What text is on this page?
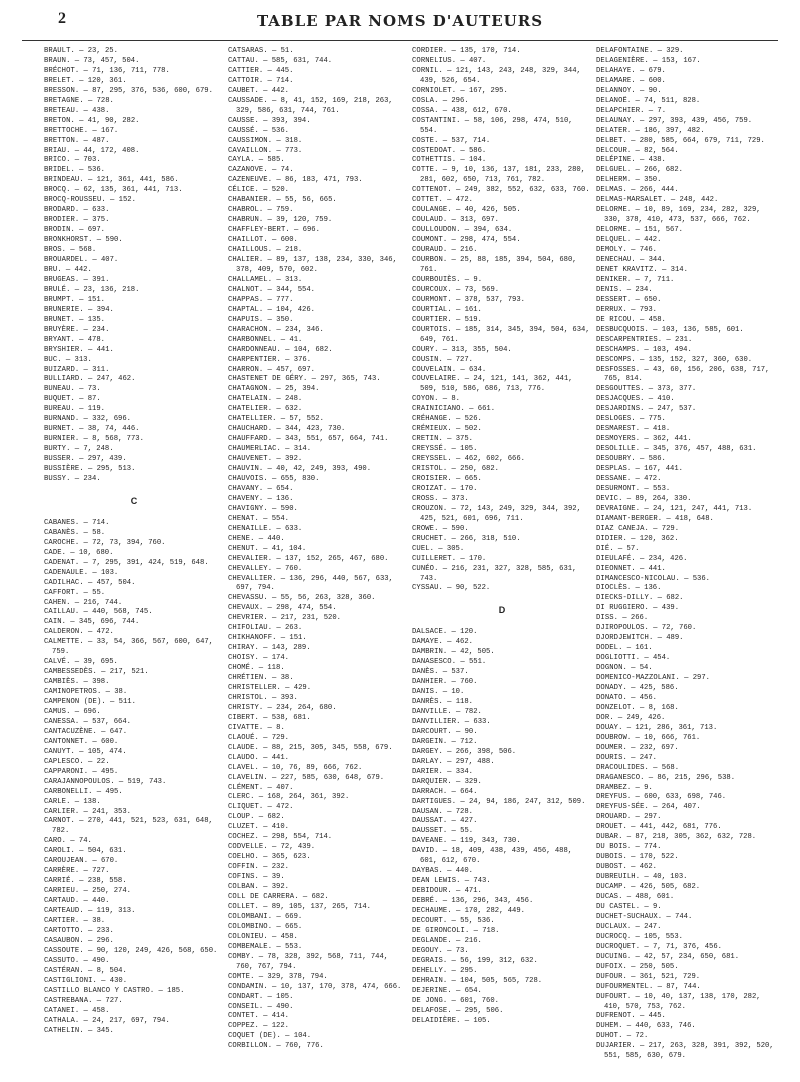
2	TABLE PAR NOMS D'AUTEURS
BRAULT. — 23, 25.
BRAUN. — 73, 457, 504.
BRÉCHOT. — 71, 136, 711, 778.
BRELET. — 120, 361.
BRESSON. — 87, 295, 376, 536, 600, 679.
BRETAGNE. — 728.
BRETEAU. — 438.
BRETON. — 41, 90, 282.
BRETTOCHE. — 167.
BRETTON. — 487.
BRIAU. — 44, 172, 408.
BRICO. — 703.
BRIDEL. — 536.
BRINDEAU. — 121, 361, 441, 586.
BROCQ. — 62, 135, 361, 441, 713.
BROCQ-ROUSSEU. — 152.
BRODARD. — 633.
BRODIER. — 375.
BRODIN. — 697.
BRONKHORST. — 590.
BROS. — 568.
BROUARDEL. — 407.
BRU. — 442.
BRUGEAS. — 391.
BRULÉ. — 23, 136, 218.
BRUMPT. — 151.
BRUNERIE. — 394.
BRUNET. — 135.
BRUYÈRE. — 234.
BRYANT. — 478.
BRYSHIER. — 441.
BUC. — 313.
BUIZARD. — 311.
BULLIARD. — 247, 462.
BUNEAU. — 73.
BUQUET. — 87.
BUREAU. — 119.
BURNAND. — 332, 696.
BURNET. — 38, 74, 446.
BURNIER. — 8, 568, 773.
BURTY. — 7, 248.
BUSSER. — 297, 439.
BUSSIÈRE. — 295, 513.
BUSSY. — 234.
C
CABANES. — 714.
CABANÈS. — 58.
CAROCHE. — 72, 73, 394, 760.
CADE. — 10, 680.
CADENAT. — 7, 295, 391, 424, 519, 648.
CADENAULE. — 103.
CADILHAC. — 457, 504.
CAFFORT. — 55.
CAHEN. — 216, 744.
CAILLAU. — 440, 568, 745.
CAIN. — 345, 696, 744.
CALDERON. — 472.
CALMETTE. — 33, 54, 366, 567, 600, 647, 759.
CALVÉ. — 39, 695.
CAMBESSEDÈS. — 217, 521.
CAMBIÈS. — 398.
CAMINOPETROS. — 38.
CAMPENON (DE). — 511.
CAMUS. — 696.
CANESSA. — 537, 664.
CANTACUZÈNE. — 647.
CANTONNET. — 600.
CANUYT. — 105, 474.
CAPLESCO. — 22.
CAPPARONI. — 495.
CARAJANNOPOULOS. — 519, 743.
CARBONELLI. — 495.
CARLE. — 138.
CARLIER. — 241, 353.
CARNOT. — 270, 441, 521, 523, 631, 648, 782.
CARO. — 74.
CAROLI. — 504, 631.
CAROUJEAN. — 670.
CARRÈRE. — 727.
CARRIÉ. — 238, 558.
CARRIEU. — 250, 274.
CARTAUD. — 440.
CARTEAUD. — 119, 313.
CARTIER. — 38.
CARTOTTO. — 233.
CASAUBON. — 296.
CASSOUTE. — 90, 120, 249, 426, 568, 650.
CASSUTO. — 490.
CASTÉRAN. — 8, 504.
CASTIGLIONI. — 430.
CASTILLO BLANCO Y CASTRO. — 185.
CASTREBANA. — 727.
CATANEI. — 458.
CATHALA. — 24, 217, 697, 794.
CATHELIN. — 345.
CATSARAS. — 51.
CATTAU. — 585, 631, 744.
CATTIER. — 445.
CATTOIR. — 714.
CAUBET. — 442.
CAUSSADE. — 8, 41, 152, 169, 218, 263, 329, 586, 631, 744, 761.
CAUSSE. — 393, 394.
CAUSSÉ. — 536.
CAUSSIMON. — 318.
CAVAILLON. — 773.
CAYLA. — 585.
CAZANOVE. — 74.
CAZENEUVE. — 86, 183, 471, 793.
CÉLICE. — 520.
CHABANIER. — 55, 56, 665.
CHABROL. — 759.
CHABRUN. — 39, 120, 759.
CHAFFLEY-BERT. — 696.
CHAILLOT. — 600.
CHAILLOUS. — 218.
CHALIER. — 89, 137, 138, 234, 330, 346, 378, 409, 570, 602.
CHALLAMEL. — 313.
CHALNOT. — 344, 554.
CHAPPAS. — 777.
CHAPTAL. — 104, 426.
CHAPUIS. — 350.
CHARACHON. — 234, 346.
CHARBONNEL. — 41.
CHARDONNEAU. — 104, 682.
CHARPENTIER. — 376.
CHARRON. — 457, 697.
CHASTENET DE GÉRY. — 297, 365, 743.
CHATAGNON. — 25, 394.
CHATELAIN. — 248.
CHATELIER. — 632.
CHATELLIER. — 57, 552.
CHAUCHARD. — 344, 423, 730.
CHAUFFARD. — 343, 551, 657, 664, 741.
CHAUMERLIAC. — 314.
CHAUVENET. — 392.
CHAUVIN. — 40, 42, 249, 393, 490.
CHAUVOIS. — 655, 830.
CHAVANY. — 654.
CHAVENY. — 136.
CHAVIGNY. — 590.
CHENAT. — 554.
CHENAILLE. — 633.
CHENE. — 440.
CHENUT. — 41, 104.
CHEVALIER. — 137, 152, 265, 467, 680.
CHEVALLEY. — 760.
CHEVALLIER. — 136, 296, 440, 567, 633, 697, 794.
CHEVASSU. — 55, 56, 263, 328, 360.
CHEVAUX. — 298, 474, 554.
CHEVRIER. — 217, 231, 520.
CHIFOLIAU. — 263.
CHIKHANOFF. — 151.
CHIRAY. — 143, 289.
CHOISY. — 174.
CHOMÉ. — 118.
CHRÉTIEN. — 38.
CHRISTELLER. — 429.
CHRISTOL. — 393.
CHRISTY. — 234, 264, 680.
CIBERT. — 538, 681.
CIVATTE. — 8.
CLAOUÉ. — 729.
CLAUDE. — 88, 215, 305, 345, 558, 679.
CLAUDO. — 441.
CLAVEL. — 10, 76, 89, 666, 762.
CLAVELIN. — 227, 585, 630, 648, 679.
CLÉMENT. — 407.
CLERC. — 168, 264, 361, 392.
CLIQUET. — 472.
CLOUP. — 682.
CLUZET. — 410.
COCHEZ. — 298, 554, 714.
CODVELLE. — 72, 439.
COELHO. — 365, 623.
COFFIN. — 232.
COFINS. — 39.
COLBAN. — 392.
COLL DE CARRERA. — 682.
COLLET. — 89, 105, 137, 265, 714.
COLOMBANI. — 669.
COLOMBINO. — 665.
COLONIEU. — 458.
COMBEMALE. — 553.
COMBY. — 78, 328, 392, 568, 711, 744, 760, 767, 794.
COMTE. — 329, 378, 794.
CONDAMIN. — 10, 137, 170, 378, 474, 666.
CONDART. — 105.
CONSEIL. — 490.
CONTET. — 414.
COPPEZ. — 122.
COQUET (DE). — 104.
CORBILLON. — 760, 776.
CORDIER. — 135, 170, 714.
CORNELIUS. — 407.
CORNIL. — 121, 143, 243, 248, 329, 344, 439, 526, 654.
CORNIOLET. — 167, 295.
COSLA. — 296.
COSSA. — 438, 612, 670.
COSTANTINI. — 58, 106, 298, 474, 510, 554.
COSTE. — 537, 714.
COSTEDOAT. — 586.
COTHETTIS. — 104.
COTTE. — 9, 10, 136, 137, 181, 233, 280, 281, 602, 650, 713, 761, 782.
COTTENOT. — 249, 382, 552, 632, 633, 760.
COTTET. — 472.
COULANGE. — 40, 426, 505.
COULAUD. — 313, 697.
COULLOUDON. — 394, 634.
COUMONT. — 298, 474, 554.
COURAUD. — 216.
COURBON. — 25, 88, 185, 394, 504, 680, 761.
COURBOUIÈS. — 9.
COURCOUX. — 73, 569.
COURMONT. — 378, 537, 793.
COURTIAL. — 161.
COURTIER. — 519.
COURTOIS. — 185, 314, 345, 394, 504, 634, 649, 761.
COURY. — 313, 355, 504.
COUSIN. — 727.
COUVELAIN. — 634.
COUVELAIRE. — 24, 121, 141, 362, 441, 509, 510, 586, 686, 713, 776.
COYON. — 8.
CRAINICIANO. — 661.
CRÉHANGE. — 526.
CRÉMIEUX. — 502.
CRETIN. — 375.
CREYSSÉ. — 105.
CREYSSEL. — 462, 602, 666.
CRISTOL. — 250, 682.
CROISIER. — 665.
CROIZAT. — 170.
CROSS. — 373.
CROUZON. — 72, 143, 249, 329, 344, 392, 425, 521, 601, 696, 711.
CROWE. — 590.
CRUCHET. — 266, 318, 510.
CUEL. — 305.
CUILLERET. — 170.
CUNÉO. — 216, 231, 327, 328, 585, 631, 743.
CYSSAU. — 90, 522.
D
DALSACE. — 120.
DAMAYE. — 462.
DAMBRIN. — 42, 505.
DANASESCO. — 551.
DANÈS. — 537.
DANHIER. — 760.
DANIS. — 10.
DANRÈS. — 118.
DANVILLE. — 782.
DANVILLIER. — 633.
DARCOURT. — 90.
DARGEIN. — 712.
DARGEY. — 266, 398, 506.
DARLAY. — 297, 488.
DARIER. — 334.
DARQUIER. — 329.
DARRACH. — 664.
DARTIGUES. — 24, 94, 186, 247, 312, 509.
DAUSAN. — 728.
DAUSSAT. — 427.
DAUSSET. — 55.
DAVEANE. — 119, 343, 730.
DAVID. — 18, 409, 438, 439, 456, 488, 601, 612, 670.
DAYBAS. — 440.
DEAN LEWIS. — 743.
DEBIDOUR. — 471.
DEBRÉ. — 136, 296, 343, 456.
DECHAUME. — 170, 282, 449.
DECOURT. — 55, 536.
DE GIRONCOLI. — 718.
DEGLANDE. — 216.
DEGOUY. — 73.
DEGRAIS. — 56, 199, 312, 632.
DEHELLY. — 295.
DEHRAIN. — 104, 505, 565, 728.
DEJERINE. — 654.
DE JONG. — 601, 760.
DELAFOSE. — 295, 506.
DELAIDIÈRE. — 105.
DELAFONTAINE. — 329.
DELAGENIÈRE. — 153, 167.
DELAHAYE. — 679.
DELAMARE. — 600.
DELANNOY. — 90.
DELANOË. — 74, 511, 828.
DELAPCHIER. — 7.
DELAUNAY. — 297, 393, 439, 456, 759.
DELATER. — 186, 397, 482.
DELBET. — 280, 585, 664, 679, 711, 729.
DELCOUR. — 82, 564.
DELÉPINE. — 438.
DELGUEL. — 266, 682.
DELHERM. — 350.
DELMAS. — 266, 444.
DELMAS-MARSALET. — 248, 442.
DELORME. — 10, 89, 169, 234, 282, 329, 330, 378, 410, 473, 537, 666, 762.
DELORME. — 151, 567.
DELQUEL. — 442.
DEMOLY. — 746.
DENECHAU. — 344.
DENET KRAVITZ. — 314.
DENIKER. — 7, 711.
DENIS. — 234.
DESSERT. — 650.
DERRUX. — 793.
DE RICOU. — 458.
DESBUCQUOIS. — 103, 136, 585, 601.
DESCARPENTRIES. — 231.
DESCHAMPS. — 103, 494.
DESCOMPS. — 135, 152, 327, 360, 630.
DESFOSSES. — 43, 60, 156, 206, 638, 717, 765, 814.
DESGOUTTES. — 373, 377.
DESJACQUES. — 410.
DESJARDINS. — 247, 537.
DESLOGES. — 775.
DESMAREST. — 418.
DESMOYERS. — 362, 441.
DESOLILLE. — 345, 376, 457, 488, 631.
DESOUBRY. — 586.
DESPLAS. — 167, 441.
DESSANE. — 472.
DESURMONT. — 553.
DEVIC. — 89, 264, 330.
DEVRAIGNE. — 24, 121, 247, 441, 713.
DIAMANT-BERGER. — 418, 648.
DIAZ CANEJA. — 729.
DIDIER. — 120, 362.
DIÉ. — 57.
DIEULAFÉ. — 234, 426.
DIEONNET. — 441.
DIMANCESCO-NICOLAU. — 536.
DIOCLÈS. — 136.
DIECKS-DILLY. — 682.
DI RUGGIERO. — 439.
DISS. — 266.
DJIROPOULOS. — 72, 760.
DJORDJEWITCH. — 489.
DODEL. — 161.
DOGLIOTTI. — 454.
DOGNON. — 54.
DOMENICO-MAZZOLANI. — 297.
DONADY. — 425, 586.
DONATO. — 456.
DONZELOT. — 8, 168.
DOR. — 249, 426.
DOUAY. — 121, 286, 361, 713.
DOUBROW. — 10, 666, 761.
DOUMER. — 232, 697.
DOURIS. — 247.
DRACOULIDES. — 568.
DRAGANESCO. — 86, 215, 296, 538.
DRAMBEZ. — 9.
DREYFUS. — 600, 633, 698, 746.
DREYFUS-SÉE. — 264, 407.
DROUARD. — 297.
DROUET. — 441, 442, 681, 776.
DUBAR. — 87, 218, 305, 362, 632, 728.
DU BOIS. — 774.
DUBOIS. — 170, 522.
DUBOST. — 462.
DUBREUILH. — 40, 103.
DUCAMP. — 426, 505, 682.
DUCAS. — 488, 601.
DU CASTEL. — 9.
DUCHET-SUCHAUX. — 744.
DUCLAUX. — 247.
DUCROCQ. — 105, 553.
DUCROQUET. — 7, 71, 376, 456.
DUCUING. — 42, 57, 234, 650, 681.
DUFOIX. — 250, 505.
DUFOUR. — 361, 521, 729.
DUFOURMENTEL. — 87, 744.
DUFOURT. — 10, 40, 137, 138, 170, 282, 410, 570, 753, 762.
DUFRENOT. — 445.
DUHEM. — 440, 633, 746.
DUHOT. — 72.
DUJARIER. — 217, 263, 328, 391, 392, 520, 551, 585, 630, 679.
